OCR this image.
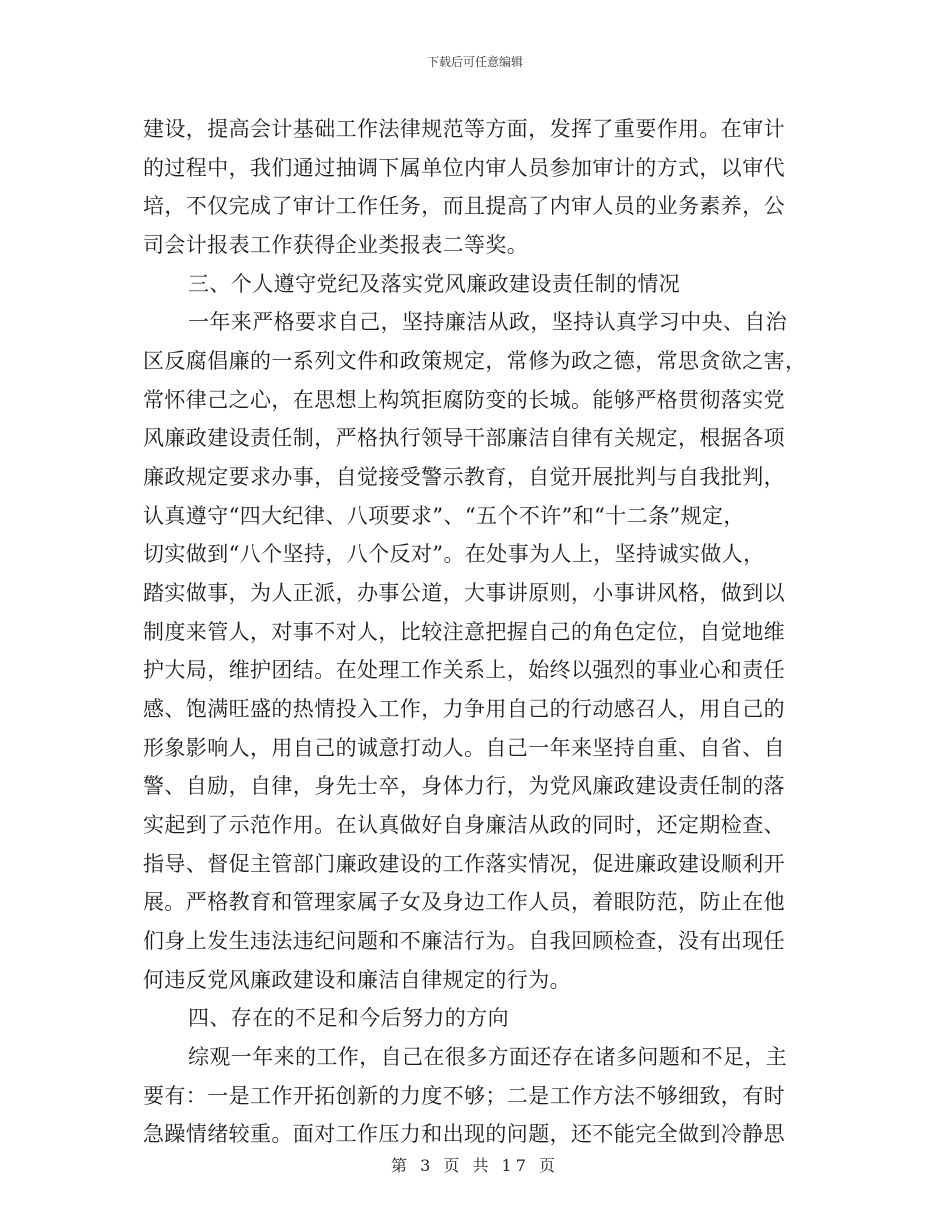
下载后可任意编辑
建设，提高会计基础工作法律规范等方面，发挥了重要作用。在审计
的过程中，我们通过抽调下属单位内审人员参加审计的方式，以审代
培，不仅完成了审计工作任务，而且提高了内审人员的业务素养，公
司会计报表工作获得企业类报表二等奖。
三、个人遵守党纪及落实党风廉政建设责任制的情况
一年来严格要求自己，坚持廉洁从政，坚持认真学习中央、自治
区反腐倡廉的一系列文件和政策规定，常修为政之德，常思贪欲之害，
常怀律己之心，在思想上构筑拒腐防变的长城。能够严格贯彻落实党
风廉政建设责任制，严格执行领导干部廉洁自律有关规定，根据各项
廉政规定要求办事，自觉接受警示教育，自觉开展批判与自我批判，
认真遵守“四大纪律、八项要求”、“五个不许”和“十二条”规定，
切实做到“八个坚持，八个反对”。在处事为人上，坚持诚实做人，
踏实做事，为人正派，办事公道，大事讲原则，小事讲风格，做到以
制度来管人，对事不对人，比较注意把握自己的角色定位，自觉地维
护大局，维护团结。在处理工作关系上，始终以强烈的事业心和责任
感、饱满旺盛的热情投入工作，力争用自己的行动感召人，用自己的
形象影响人，用自己的诚意打动人。自己一年来坚持自重、自省、自
警、自励，自律，身先士卒，身体力行，为党风廉政建设责任制的落
实起到了示范作用。在认真做好自身廉洁从政的同时，还定期检查、
指导、督促主管部门廉政建设的工作落实情况，促进廉政建设顺利开
展。严格教育和管理家属子女及身边工作人员，着眼防范，防止在他
们身上发生违法违纪问题和不廉洁行为。自我回顾检查，没有出现任
何违反党风廉政建设和廉洁自律规定的行为。
四、存在的不足和今后努力的方向
综观一年来的工作，自己在很多方面还存在诸多问题和不足，主
要有：一是工作开拓创新的力度不够；二是工作方法不够细致，有时
急躁情绪较重。面对工作压力和出现的问题，还不能完全做到冷静思
第 3 页 共 17 页
